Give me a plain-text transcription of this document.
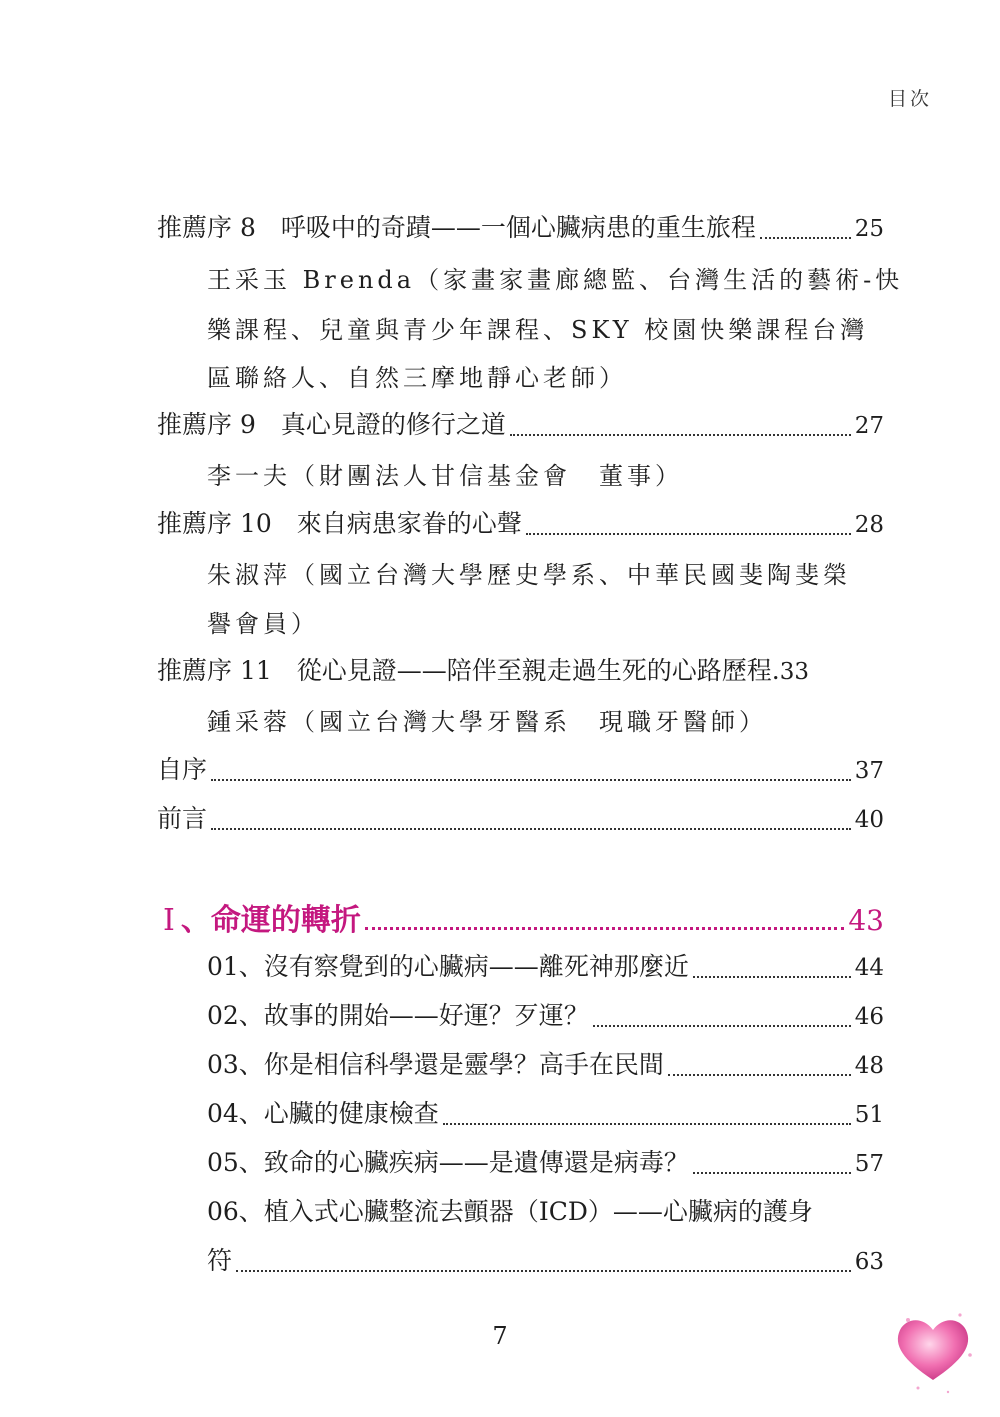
目次
推薦序 8　呼吸中的奇蹟——一個心臟病患的重生旅程	25
王采玉 Brenda（家畫家畫廊總監、台灣生活的藝術-快
樂課程、兒童與青少年課程、SKY 校園快樂課程台灣
區聯絡人、自然三摩地靜心老師）
推薦序 9　真心見證的修行之道	27
李一夫（財團法人甘信基金會　董事）
推薦序 10　來自病患家眷的心聲	28
朱淑萍（國立台灣大學歷史學系、中華民國斐陶斐榮
譽會員）
推薦序 11　從心見證——陪伴至親走過生死的心路歷程. 33
鍾采蓉（國立台灣大學牙醫系　現職牙醫師）
自序	37
前言	40
I 、命運的轉折	43
01、沒有察覺到的心臟病——離死神那麼近	44
02、故事的開始——好運？歹運？	46
03、你是相信科學還是靈學？高手在民間	48
04、心臟的健康檢查	51
05、致命的心臟疾病——是遺傳還是病毒？	57
06、植入式心臟整流去顫器（ICD）——心臟病的護身
符	63
7
